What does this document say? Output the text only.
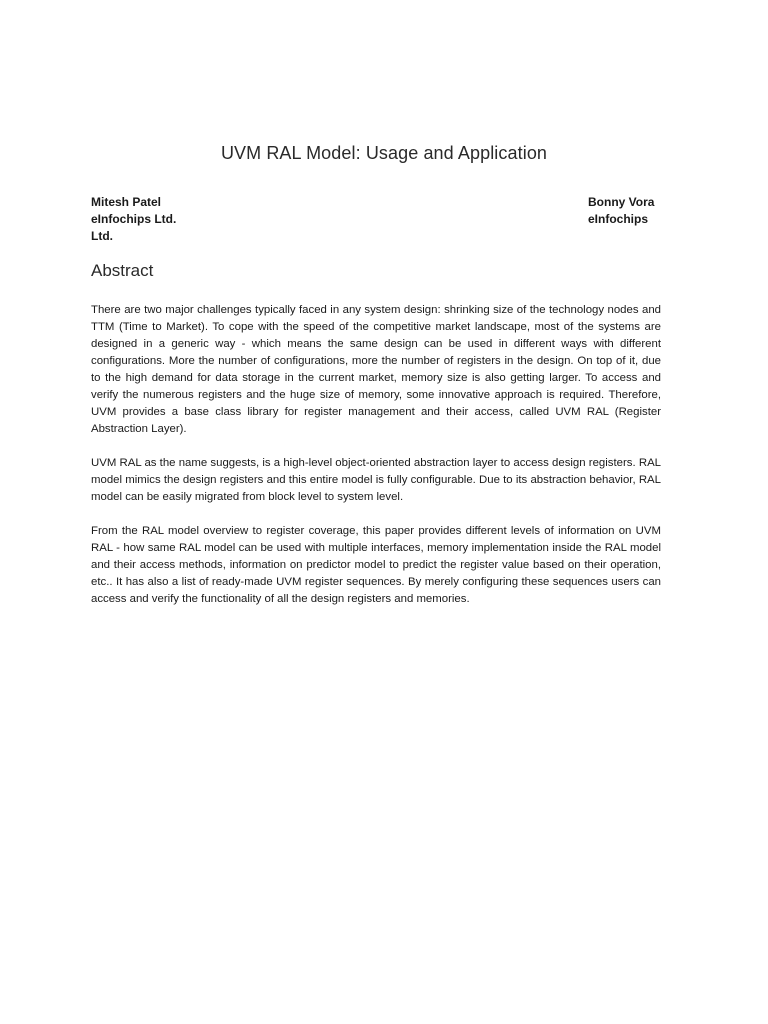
UVM RAL Model: Usage and Application
Mitesh Patel
eInfochips Ltd.
Ltd.
Bonny Vora
eInfochips
Abstract

There are two major challenges typically faced in any system design: shrinking size of the technology nodes and TTM (Time to Market). To cope with the speed of the competitive market landscape, most of the systems are designed in a generic way - which means the same design can be used in different ways with different configurations. More the number of configurations, more the number of registers in the design. On top of it, due to the high demand for data storage in the current market, memory size is also getting larger. To access and verify the numerous registers and the huge size of memory, some innovative approach is required. Therefore, UVM provides a base class library for register management and their access, called UVM RAL (Register Abstraction Layer).

UVM RAL as the name suggests, is a high-level object-oriented abstraction layer to access design registers. RAL model mimics the design registers and this entire model is fully configurable. Due to its abstraction behavior, RAL model can be easily migrated from block level to system level.

From the RAL model overview to register coverage, this paper provides different levels of information on UVM RAL - how same RAL model can be used with multiple interfaces, memory implementation inside the RAL model and their access methods, information on predictor model to predict the register value based on their operation, etc.. It has also a list of ready-made UVM register sequences. By merely configuring these sequences users can access and verify the functionality of all the design registers and memories.
